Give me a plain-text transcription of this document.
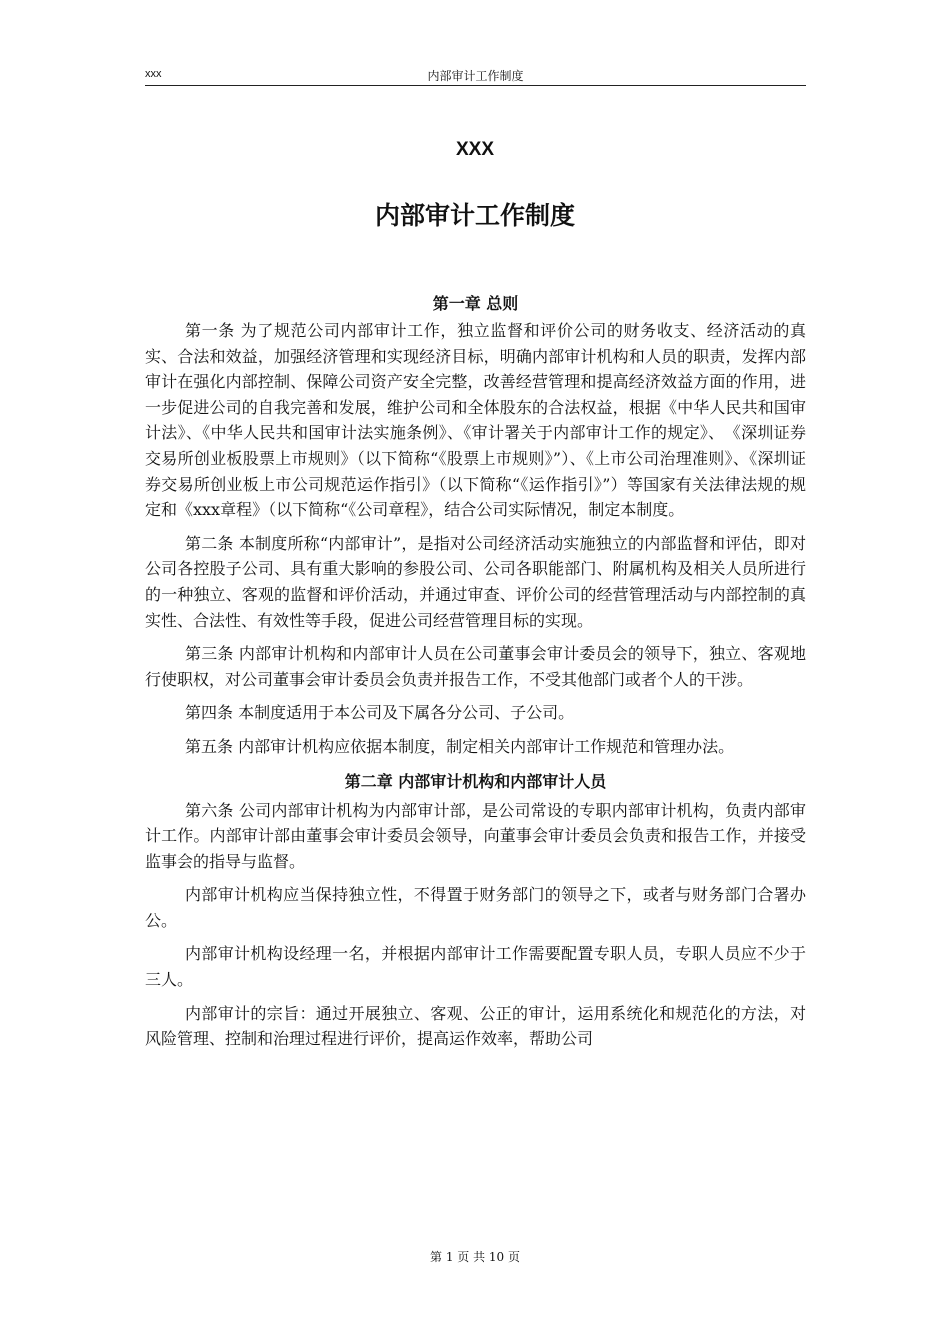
xxx	内部审计工作制度
XXX
内部审计工作制度
第一章 总则

第一条 为了规范公司内部审计工作，独立监督和评价公司的财务收支、经济活动的真实、合法和效益，加强经济管理和实现经济目标，明确内部审计机构和人员的职责，发挥内部审计在强化内部控制、保障公司资产安全完整，改善经营管理和提高经济效益方面的作用，进一步促进公司的自我完善和发展，维护公司和全体股东的合法权益，根据《中华人民共和国审计法》、《中华人民共和国审计法实施条例》、《审计署关于内部审计工作的规定》、　《深圳证券交易所创业板股票上市规则》（以下简称“《股票上市规则》”）、《上市公司治理准则》、《深圳证券交易所创业板上市公司规范运作指引》（以下简称“《运作指引》”）等国家有关法律法规的规定和《xxx章程》（以下简称“《公司章程》，结合公司实际情况，制定本制度。

第二条 本制度所称“内部审计”，是指对公司经济活动实施独立的内部监督和评估，即对公司各控股子公司、具有重大影响的参股公司、公司各职能部门、附属机构及相关人员所进行的一种独立、客观的监督和评价活动，并通过审查、评价公司的经营管理活动与内部控制的真实性、合法性、有效性等手段，促进公司经营管理目标的实现。

第三条 内部审计机构和内部审计人员在公司董事会审计委员会的领导下，独立、客观地行使职权，对公司董事会审计委员会负责并报告工作，不受其他部门或者个人的干涉。

第四条 本制度适用于本公司及下属各分公司、子公司。

第五条 内部审计机构应依据本制度，制定相关内部审计工作规范和管理办法。

第二章 内部审计机构和内部审计人员

第六条 公司内部审计机构为内部审计部，是公司常设的专职内部审计机构，负责内部审计工作。内部审计部由董事会审计委员会领导，向董事会审计委员会负责和报告工作，并接受监事会的指导与监督。

内部审计机构应当保持独立性，不得置于财务部门的领导之下，或者与财务部门合署办公。

内部审计机构设经理一名，并根据内部审计工作需要配置专职人员，专职人员应不少于三人。

内部审计的宗旨：通过开展独立、客观、公正的审计，运用系统化和规范化的方法，对风险管理、控制和治理过程进行评价，提高运作效率，帮助公司

第 1 页 共 10 页
